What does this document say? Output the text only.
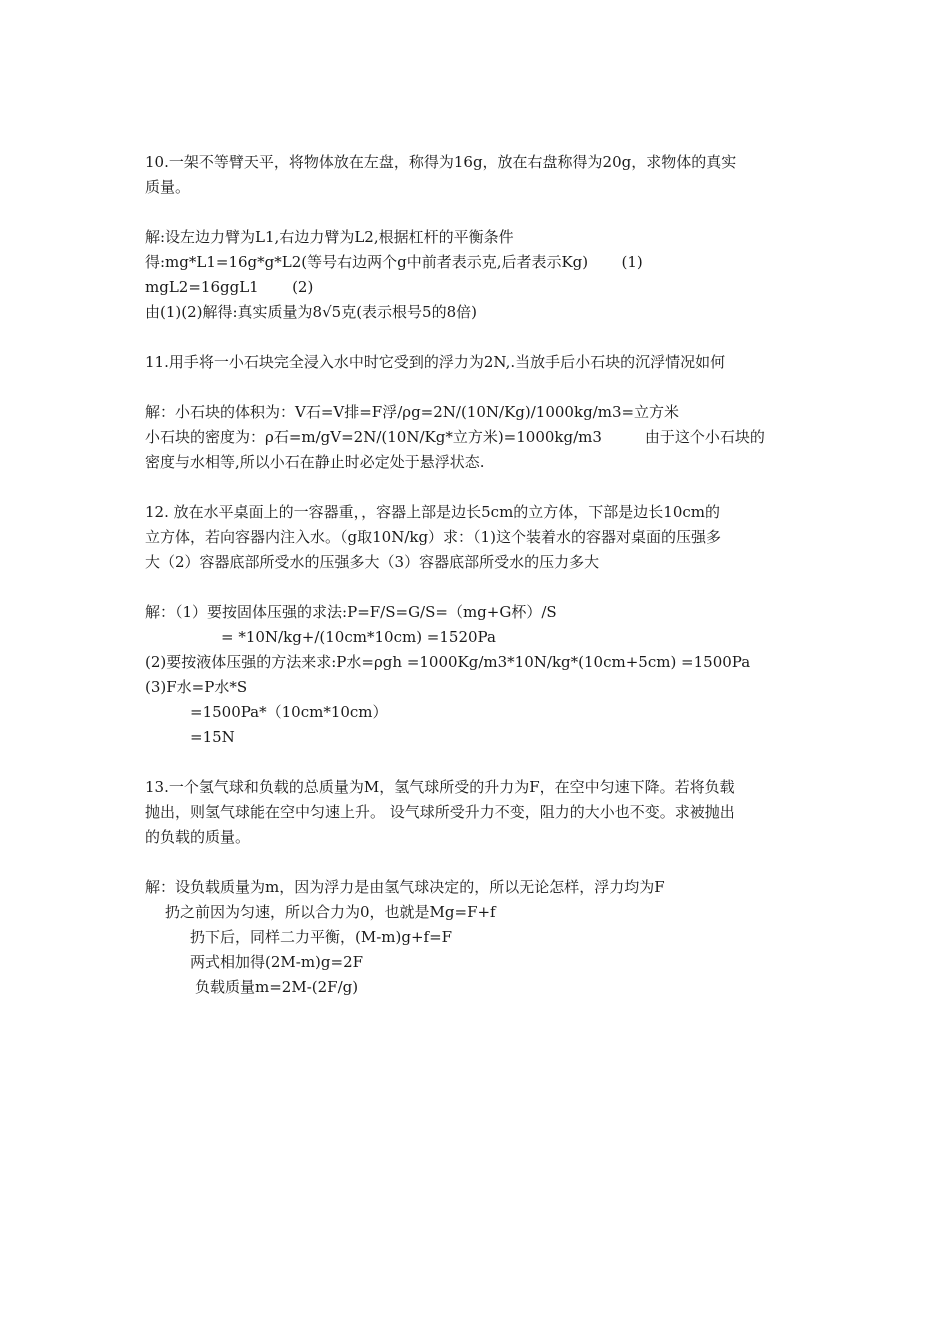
10.一架不等臂天平，将物体放在左盘，称得为16g，放在右盘称得为20g，求物体的真实
质量。
解:设左边力臂为L1,右边力臂为L2,根据杠杆的平衡条件
得:mg*L1=16g*g*L2(等号右边两个g中前者表示克,后者表示Kg)       (1)
mgL2=16ggL1       (2)
由(1)(2)解得:真实质量为8√5克(表示根号5的8倍)
11.用手将一小石块完全浸入水中时它受到的浮力为2N,.当放手后小石块的沉浮情况如何
解：小石块的体积为：V石=V排=F浮/ρg=2N/(10N/Kg)/1000kg/m3=立方米
小石块的密度为：ρ石=m/gV=2N/(10N/Kg*立方米)=1000kg/m3         由于这个小石块的
密度与水相等,所以小石在静止时必定处于悬浮状态.
12. 放在水平桌面上的一容器重，，容器上部是边长5cm的立方体，下部是边长10cm的
立方体，若向容器内注入水。（g取10N/kg）求：（1)这个装着水的容器对桌面的压强多
大（2）容器底部所受水的压强多大（3）容器底部所受水的压力多大
解：（1）要按固体压强的求法:P=F/S=G/S=（mg+G杯）/S
= *10N/kg+/(10cm*10cm) =1520Pa
(2)要按液体压强的方法来求:P水=ρgh =1000Kg/m3*10N/kg*(10cm+5cm) =1500Pa
(3)F水=P水*S
=1500Pa*（10cm*10cm）
=15N
13.一个氢气球和负载的总质量为M，氢气球所受的升力为F，在空中匀速下降。若将负载
抛出，则氢气球能在空中匀速上升。 设气球所受升力不变，阻力的大小也不变。求被抛出
的负载的质量。
解：设负载质量为m，因为浮力是由氢气球决定的，所以无论怎样，浮力均为F
扔之前因为匀速，所以合力为0，也就是Mg=F+f
扔下后，同样二力平衡，(M-m)g+f=F
两式相加得(2M-m)g=2F
负载质量m=2M-(2F/g)
